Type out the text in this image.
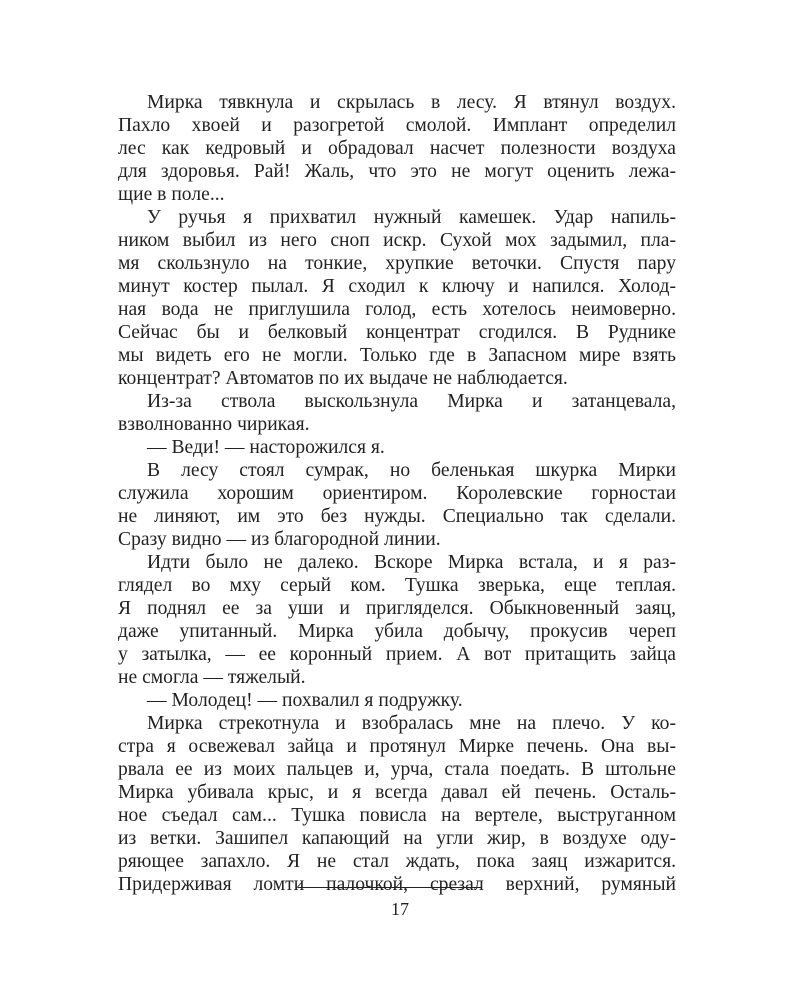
Мирка тявкнула и скрылась в лесу. Я втянул воздух.
Пахло хвоей и разогретой смолой. Имплант определил
лес как кедровый и обрадовал насчет полезности воздуха
для здоровья. Рай! Жаль, что это не могут оценить лежа-
щие в поле...
У ручья я прихватил нужный камешек. Удар напиль-
ником выбил из него сноп искр. Сухой мох задымил, пла-
мя скользнуло на тонкие, хрупкие веточки. Спустя пару
минут костер пылал. Я сходил к ключу и напился. Холод-
ная вода не приглушила голод, есть хотелось неимоверно.
Сейчас бы и белковый концентрат сгодился. В Руднике
мы видеть его не могли. Только где в Запасном мире взять
концентрат? Автоматов по их выдаче не наблюдается.
Из-за ствола выскользнула Мирка и затанцевала,
взволнованно чирикая.
— Веди! — насторожился я.
В лесу стоял сумрак, но беленькая шкурка Мирки
служила хорошим ориентиром. Королевские горностаи
не линяют, им это без нужды. Специально так сделали.
Сразу видно — из благородной линии.
Идти было не далеко. Вскоре Мирка встала, и я раз-
глядел во мху серый ком. Тушка зверька, еще теплая.
Я поднял ее за уши и пригляделся. Обыкновенный заяц,
даже упитанный. Мирка убила добычу, прокусив череп
у затылка, — ее коронный прием. А вот притащить зайца
не смогла — тяжелый.
— Молодец! — похвалил я подружку.
Мирка стрекотнула и взобралась мне на плечо. У ко-
стра я освежевал зайца и протянул Мирке печень. Она вы-
рвала ее из моих пальцев и, урча, стала поедать. В штольне
Мирка убивала крыс, и я всегда давал ей печень. Осталь-
ное съедал сам... Тушка повисла на вертеле, выструганном
из ветки. Зашипел капающий на угли жир, в воздухе оду-
ряющее запахло. Я не стал ждать, пока заяц изжарится.
Придерживая ломти палочкой, срезал верхний, румяный
17
